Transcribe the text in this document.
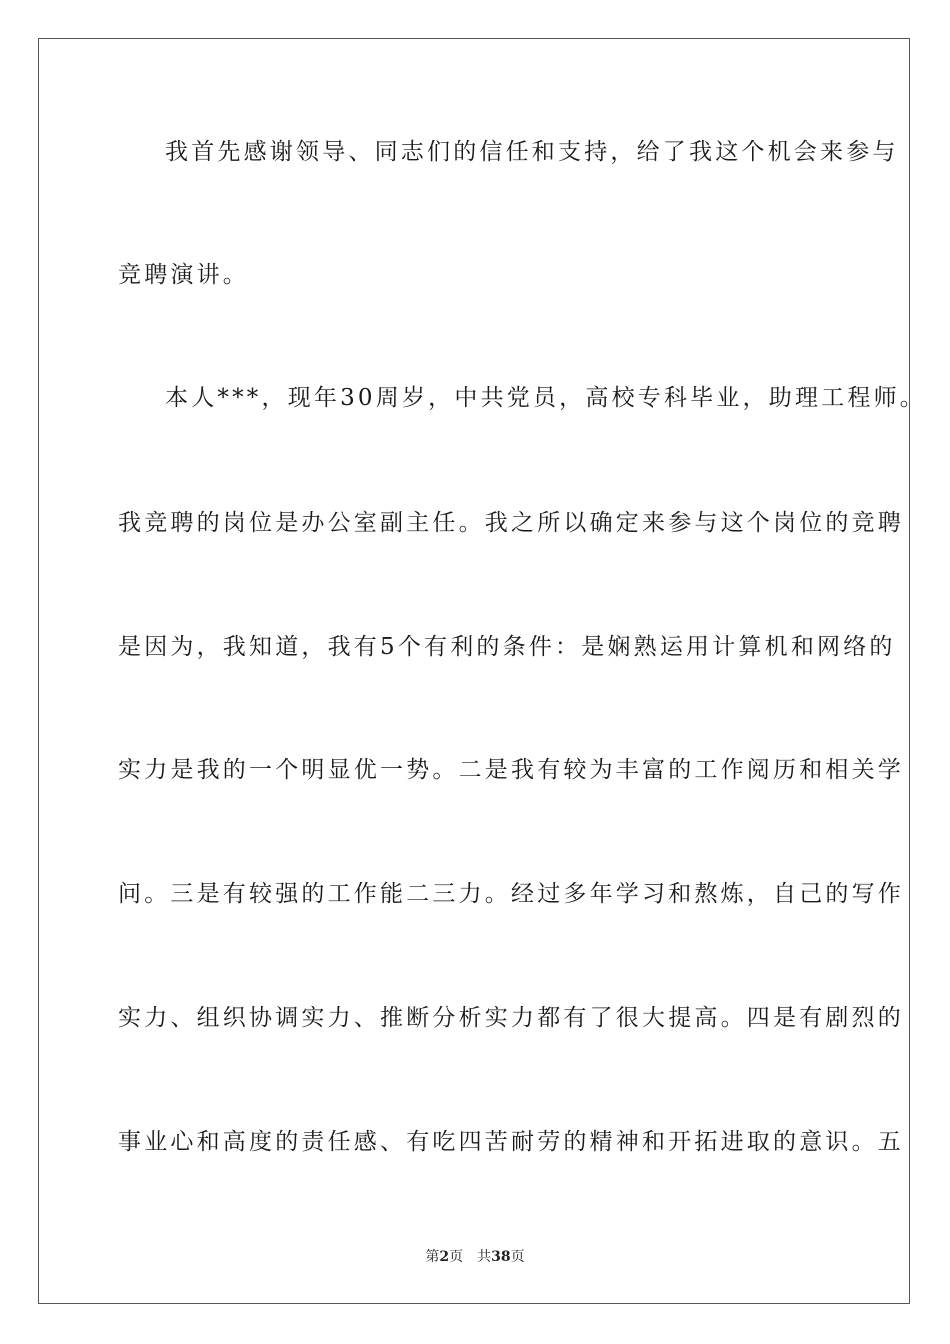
我首先感谢领导、同志们的信任和支持，给了我这个机会来参与
竞聘演讲。
本人***，现年30周岁，中共党员，高校专科毕业，助理工程师。
我竞聘的岗位是办公室副主任。我之所以确定来参与这个岗位的竞聘
是因为，我知道，我有5个有利的条件：是娴熟运用计算机和网络的
实力是我的一个明显优一势。二是我有较为丰富的工作阅历和相关学
问。三是有较强的工作能二三力。经过多年学习和熬炼，自己的写作
实力、组织协调实力、推断分析实力都有了很大提高。四是有剧烈的
事业心和高度的责任感、有吃四苦耐劳的精神和开拓进取的意识。五
第2页 共38页
